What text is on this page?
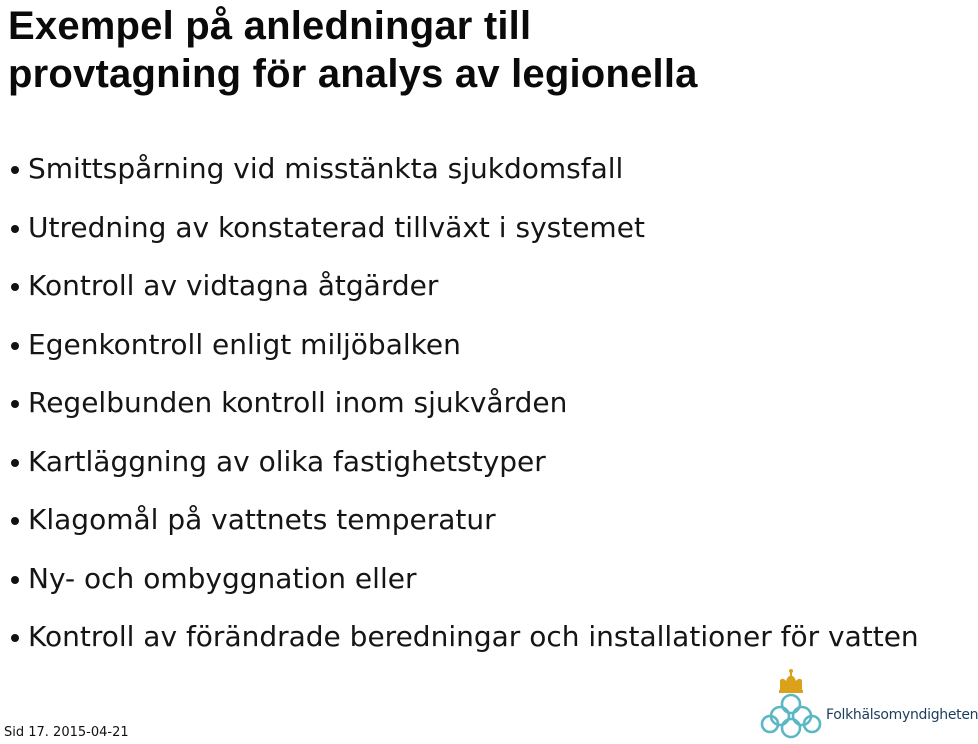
Exempel på anledningar till
provtagning för analys av legionella
Smittspårning vid misstänkta sjukdomsfall
Utredning av konstaterad tillväxt i systemet
Kontroll av vidtagna åtgärder
Egenkontroll enligt miljöbalken
Regelbunden kontroll inom sjukvården
Kartläggning av olika fastighetstyper
Klagomål på vattnets temperatur
Ny- och ombyggnation eller
Kontroll av förändrade beredningar och installationer för vatten
Sid 17. 2015-04-21
Folkhälsomyndigheten
